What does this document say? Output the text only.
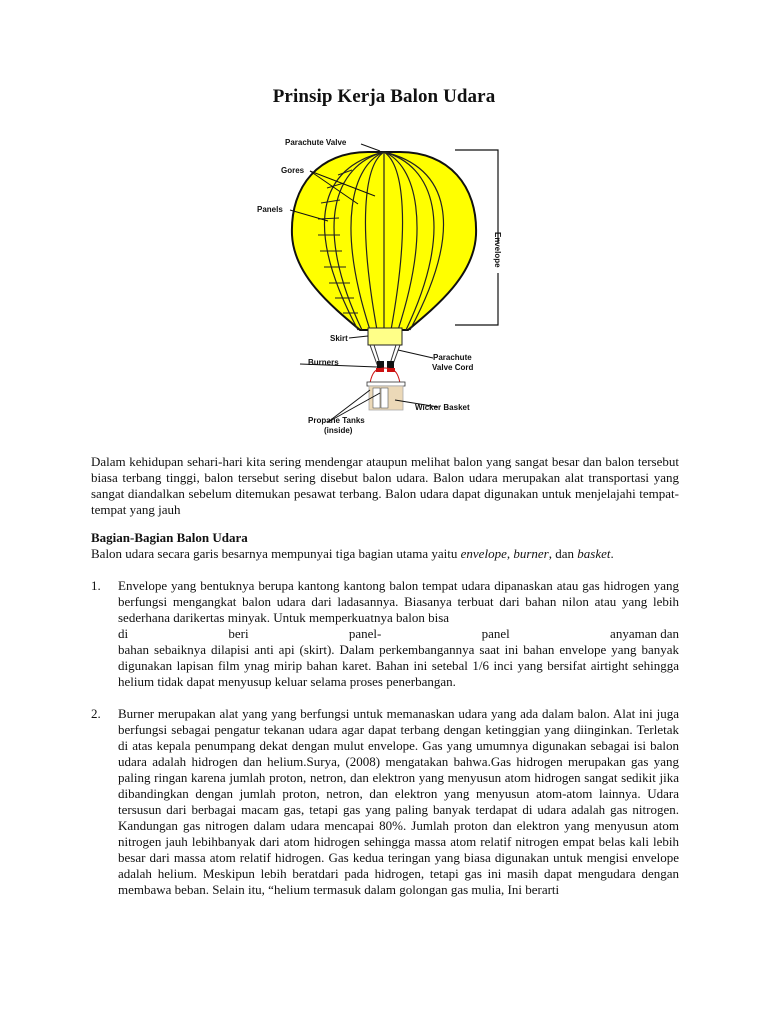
Prinsip Kerja Balon Udara
Envelope
Parachute Valve
Gores
Panels
Skirt
Burners
Parachute
Valve Cord
Wicker Basket
Propane Tanks
(inside)

Dalam kehidupan sehari-hari kita sering mendengar ataupun melihat balon yang sangat besar dan balon tersebut biasa terbang tinggi, balon tersebut sering disebut balon udara. Balon udara merupakan alat transportasi yang sangat diandalkan sebelum ditemukan pesawat terbang. Balon udara dapat digunakan untuk menjelajahi tempat-tempat yang jauh

Bagian-Bagian Balon Udara

Balon udara secara garis besarnya mempunyai tiga bagian utama yaitu envelope, burner, dan basket.

1. Envelope yang bentuknya berupa kantong kantong balon tempat udara dipanaskan atau gas hidrogen yang berfungsi mengangkat balon udara dari ladasannya. Biasanya terbuat dari bahan nilon atau yang lebih sederhana darikertas minyak. Untuk memperkuatnya balon bisa
di	beri	panel-	panel	anyaman dan
bahan sebaiknya dilapisi anti api (skirt). Dalam perkembangannya saat ini bahan envelope yang banyak digunakan lapisan film ynag mirip bahan karet. Bahan ini setebal 1/6 inci yang bersifat airtight sehingga helium tidak dapat menyusup keluar selama proses penerbangan.
2. Burner merupakan alat yang yang berfungsi untuk memanaskan udara yang ada dalam balon. Alat ini juga berfungsi sebagai pengatur tekanan udara agar dapat terbang dengan ketinggian yang diinginkan. Terletak di atas kepala penumpang dekat dengan mulut envelope. Gas yang umumnya digunakan sebagai isi balon udara adalah hidrogen dan helium.Surya, (2008) mengatakan bahwa.Gas hidrogen merupakan gas yang paling ringan karena jumlah proton, netron, dan elektron yang menyusun atom hidrogen sangat sedikit jika dibandingkan dengan jumlah proton, netron, dan elektron yang menyusun atom-atom lainnya. Udara tersusun dari berbagai macam gas, tetapi gas yang paling banyak terdapat di udara adalah gas nitrogen. Kandungan gas nitrogen dalam udara mencapai 80%. Jumlah proton dan elektron yang menyusun atom nitrogen jauh lebihbanyak dari atom hidrogen sehingga massa atom relatif nitrogen empat belas kali lebih besar dari massa atom relatif hidrogen. Gas kedua teringan yang biasa digunakan untuk mengisi envelope adalah helium. Meskipun lebih beratdari pada hidrogen, tetapi gas ini masih dapat mengudara dengan membawa beban. Selain itu, “helium termasuk dalam golongan gas mulia, Ini berarti
